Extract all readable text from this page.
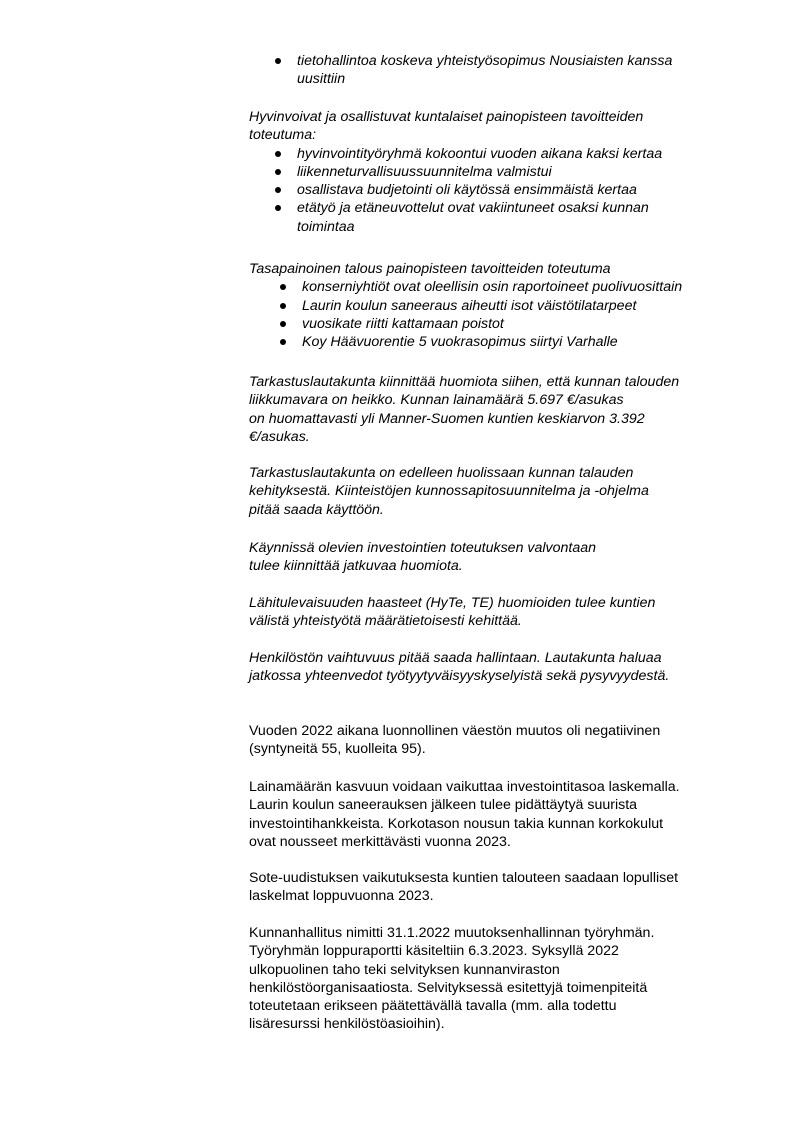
tietohallintoa koskeva yhteistyösopimus Nousiaisten kanssa
uusittiin
Hyvinvoivat ja osallistuvat kuntalaiset painopisteen tavoitteiden
toteutuma:
hyvinvointityöryhmä kokoontui vuoden aikana kaksi kertaa
liikenneturvallisuussuunnitelma valmistui
osallistava budjetointi oli käytössä ensimmäistä kertaa
etätyö ja etäneuvottelut ovat vakiintuneet osaksi kunnan
toimintaa
Tasapainoinen talous painopisteen tavoitteiden toteutuma
konserniyhtiöt ovat oleellisin osin raportoineet puolivuosittain
Laurin koulun saneeraus aiheutti isot väistötilatarpeet
vuosikate riitti kattamaan poistot
Koy Häävuorentie 5 vuokrasopimus siirtyi Varhalle
Tarkastuslautakunta kiinnittää huomiota siihen, että kunnan talouden
liikkumavara on heikko. Kunnan lainamäärä 5.697 €/asukas
on huomattavasti yli Manner-Suomen kuntien keskiarvon 3.392
€/asukas.
Tarkastuslautakunta on edelleen huolissaan kunnan talauden
kehityksestä. Kiinteistöjen kunnossapitosuunnitelma ja -ohjelma
pitää saada käyttöön.
Käynnissä olevien investointien toteutuksen valvontaan
tulee kiinnittää jatkuvaa huomiota.
Lähitulevaisuuden haasteet (HyTe, TE) huomioiden tulee kuntien
välistä yhteistyötä määrätietoisesti kehittää.
Henkilöstön vaihtuvuus pitää saada hallintaan. Lautakunta haluaa
jatkossa yhteenvedot työtyytyväisyyskyselyistä sekä pysyvyydestä.
Vuoden 2022 aikana luonnollinen väestön muutos oli negatiivinen
(syntyneitä 55, kuolleita 95).
Lainamäärän kasvuun voidaan vaikuttaa investointitasoa laskemalla.
Laurin koulun saneerauksen jälkeen tulee pidättäytyä suurista
investointihankkeista. Korkotason nousun takia kunnan korkokulut
ovat nousseet merkittävästi vuonna 2023.
Sote-uudistuksen vaikutuksesta kuntien talouteen saadaan lopulliset
laskelmat loppuvuonna 2023.
Kunnanhallitus nimitti 31.1.2022 muutoksenhallinnan työryhmän.
Työryhmän loppuraportti käsiteltiin 6.3.2023. Syksyllä 2022
ulkopuolinen taho teki selvityksen kunnanviraston
henkilöstöorganisaatiosta. Selvityksessä esitettyjä toimenpiteitä
toteutetaan erikseen päätettävällä tavalla (mm. alla todettu
lisäresurssi henkilöstöasioihin).
